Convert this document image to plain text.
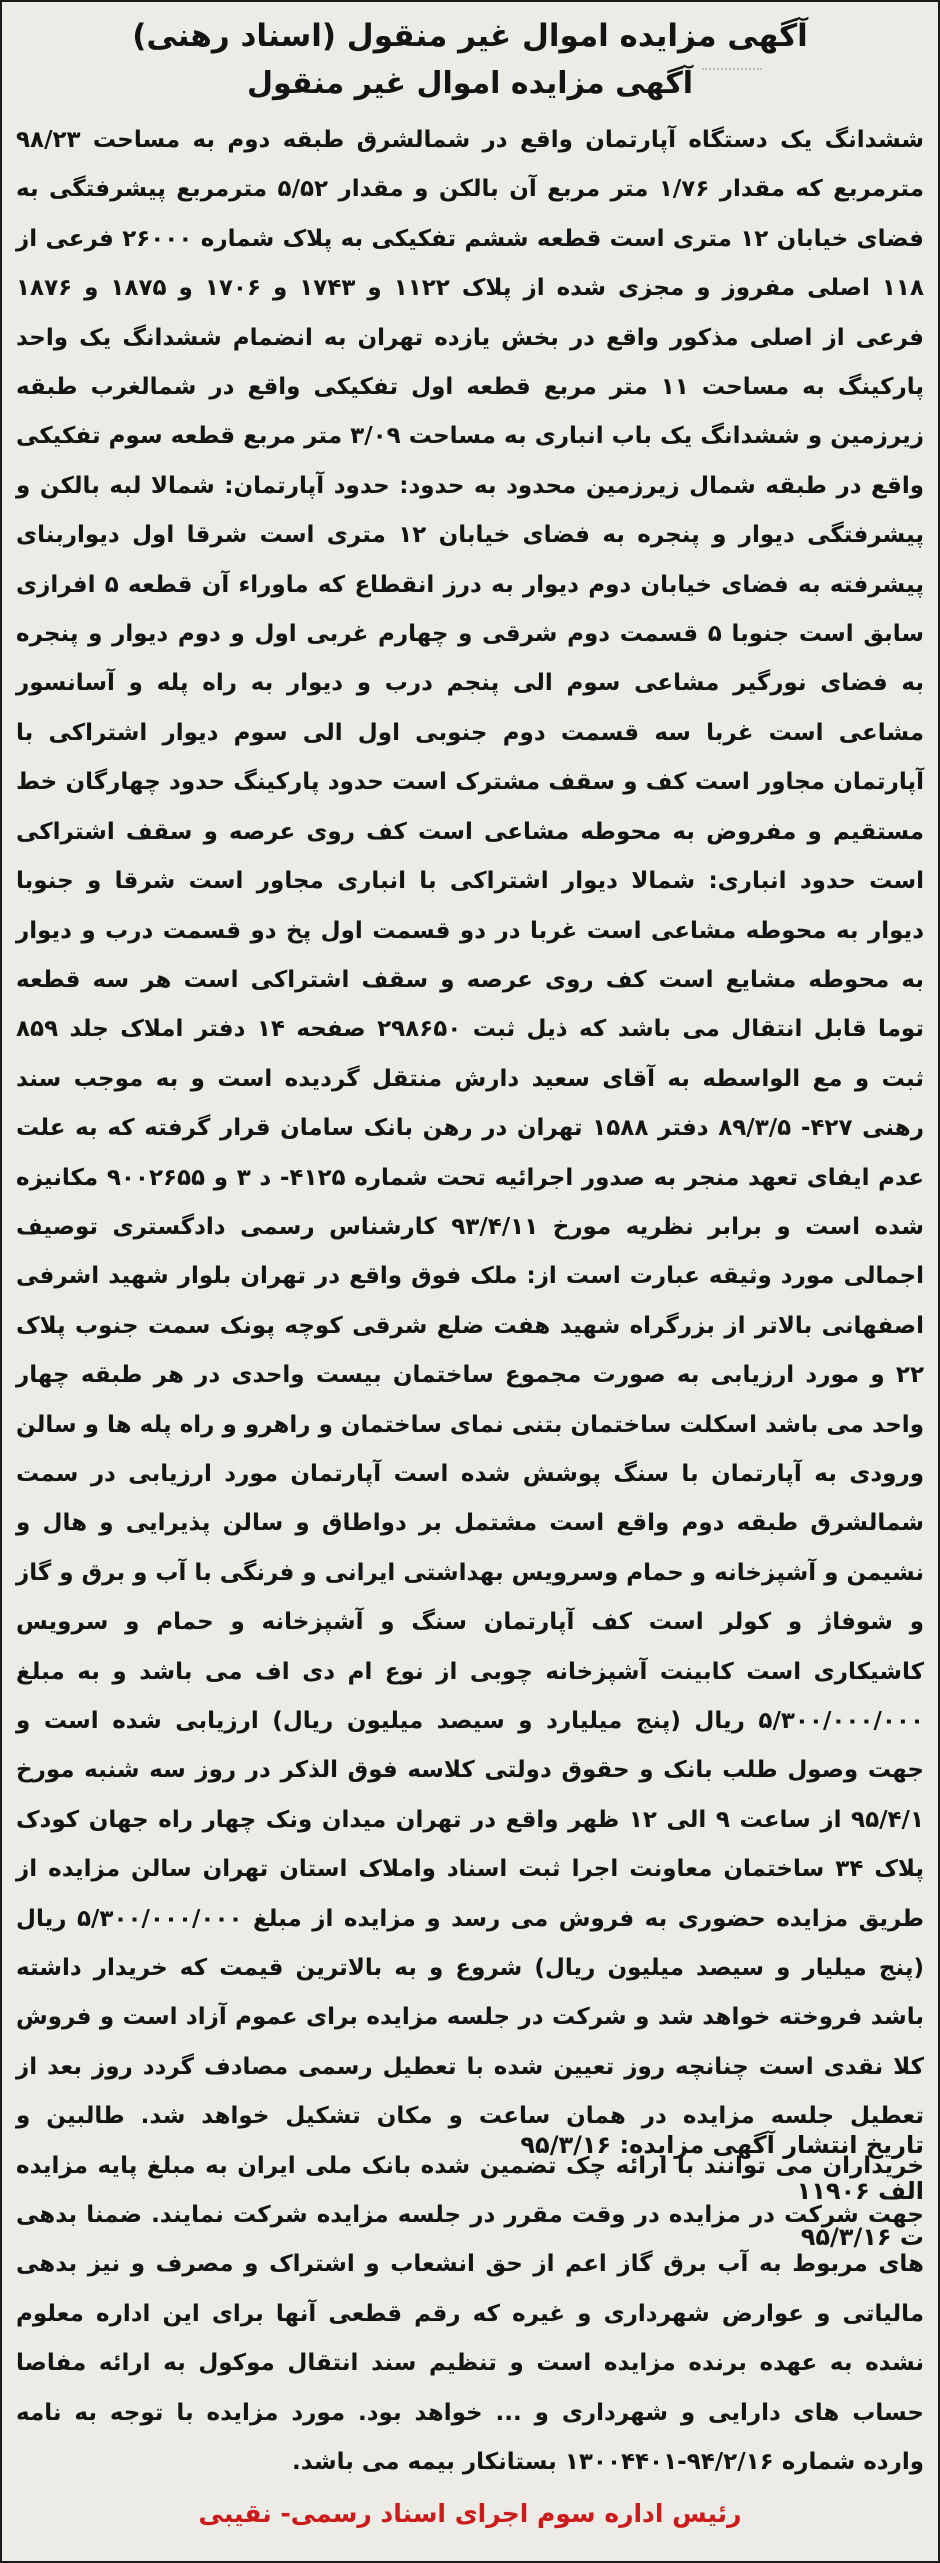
آگهی مزایده اموال غیر منقول (اسناد رهنی)
آگهی مزایده اموال غیر منقول

ششدانگ یک دستگاه آپارتمان واقع در شمالشرق طبقه دوم به مساحت ۹۸/۲۳ مترمربع که مقدار ۱/۷۶ متر مربع آن بالکن و مقدار ۵/۵۲ مترمربع پیشرفتگی به فضای خیابان ۱۲ متری است قطعه ششم تفکیکی به پلاک شماره ۲۶۰۰۰ فرعی از ۱۱۸ اصلی مفروز و مجزی شده از پلاک ۱۱۲۲ و ۱۷۴۳ و ۱۷۰۶ و ۱۸۷۵ و ۱۸۷۶ فرعی از اصلی مذکور واقع در بخش یازده تهران به انضمام ششدانگ یک واحد پارکینگ به مساحت ۱۱ متر مربع قطعه اول تفکیکی واقع در شمالغرب طبقه زیرزمین و ششدانگ یک باب انباری به مساحت ۳/۰۹ متر مربع قطعه سوم تفکیکی واقع در طبقه شمال زیرزمین محدود به حدود: حدود آپارتمان: شمالا لبه بالکن و پیشرفتگی دیوار و پنجره به فضای خیابان ۱۲ متری است شرقا اول دیواربنای پیشرفته به فضای خیابان دوم دیوار به درز انقطاع که ماوراء آن قطعه ۵ افرازی سابق است جنوبا ۵ قسمت دوم شرقی و چهارم غربی اول و دوم دیوار و پنجره به فضای نورگیر مشاعی سوم الی پنجم درب و دیوار به راه پله و آسانسور مشاعی است غربا سه قسمت دوم جنوبی اول الی سوم دیوار اشتراکی با آپارتمان مجاور است کف و سقف مشترک است حدود پارکینگ حدود چهارگان خط مستقیم و مفروض به محوطه مشاعی است کف روی عرصه و سقف اشتراکی است حدود انباری: شمالا دیوار اشتراکی با انباری مجاور است شرقا و جنوبا دیوار به محوطه مشاعی است غربا در دو قسمت اول پخ دو قسمت درب و دیوار به محوطه مشایع است کف روی عرصه و سقف اشتراکی است هر سه قطعه توما قابل انتقال می باشد که ذیل ثبت ۲۹۸۶۵۰ صفحه ۱۴ دفتر املاک جلد ۸۵۹ ثبت و مع الواسطه به آقای سعید دارش منتقل گردیده است و به موجب سند رهنی ۴۲۷- ۸۹/۳/۵ دفتر ۱۵۸۸ تهران در رهن بانک سامان قرار گرفته که به علت عدم ایفای تعهد منجر به صدور اجرائیه تحت شماره ۴۱۲۵- د ۳ و ۹۰۰۲۶۵۵ مکانیزه شده است و برابر نظریه مورخ ۹۳/۴/۱۱ کارشناس رسمی دادگستری توصیف اجمالی مورد وثیقه عبارت است از: ملک فوق واقع در تهران بلوار شهید اشرفی اصفهانی بالاتر از بزرگراه شهید هفت ضلع شرقی کوچه پونک سمت جنوب پلاک ۲۲ و مورد ارزیابی به صورت مجموع ساختمان بیست واحدی در هر طبقه چهار واحد می باشد اسکلت ساختمان بتنی نمای ساختمان و راهرو و راه پله ها و سالن ورودی به آپارتمان با سنگ پوشش شده است آپارتمان مورد ارزیابی در سمت شمالشرق طبقه دوم واقع است مشتمل بر دواطاق و سالن پذیرایی و هال و نشیمن و آشپزخانه و حمام وسرویس بهداشتی ایرانی و فرنگی با آب و برق و گاز و شوفاژ و کولر است کف آپارتمان سنگ و آشپزخانه و حمام و سرویس کاشیکاری است کابینت آشپزخانه چوبی از نوع ام دی اف می باشد و به مبلغ ۵/۳۰۰/۰۰۰/۰۰۰ ریال (پنج میلیارد و سیصد میلیون ریال) ارزیابی شده است و جهت وصول طلب بانک و حقوق دولتی کلاسه فوق الذکر در روز سه شنبه مورخ ۹۵/۴/۱ از ساعت ۹ الی ۱۲ ظهر واقع در تهران میدان ونک چهار راه جهان کودک پلاک ۳۴ ساختمان معاونت اجرا ثبت اسناد واملاک استان تهران سالن مزایده از طریق مزایده حضوری به فروش می رسد و مزایده از مبلغ ۵/۳۰۰/۰۰۰/۰۰۰ ریال (پنج میلیار و سیصد میلیون ریال) شروع و به بالاترین قیمت که خریدار داشته باشد فروخته خواهد شد و شرکت در جلسه مزایده برای عموم آزاد است و فروش کلا نقدی است چنانچه روز تعیین شده با تعطیل رسمی مصادف گردد روز بعد از تعطیل جلسه مزایده در همان ساعت و مکان تشکیل خواهد شد. طالبین و خریداران می توانند با ارائه چک تضمین شده بانک ملی ایران به مبلغ پایه مزایده جهت شرکت در مزایده در وقت مقرر در جلسه مزایده شرکت نمایند. ضمنا بدهی های مربوط به آب برق گاز اعم از حق انشعاب و اشتراک و مصرف و نیز بدهی مالیاتی و عوارض شهرداری و غیره که رقم قطعی آنها برای این اداره معلوم نشده به عهده برنده مزایده است و تنظیم سند انتقال موکول به ارائه مفاصا حساب های دارایی و شهرداری و ... خواهد بود. مورد مزایده با توجه به نامه وارده شماره ۹۴/۲/۱۶-۱۳۰۰۴۴۰۱ بستانکار بیمه می باشد.

تاریخ انتشار آگهی مزایده: ۹۵/۳/۱۶
الف ۱۱۹۰۶
ت ۹۵/۳/۱۶
رئیس اداره سوم اجرای اسناد رسمی- نقیبی
